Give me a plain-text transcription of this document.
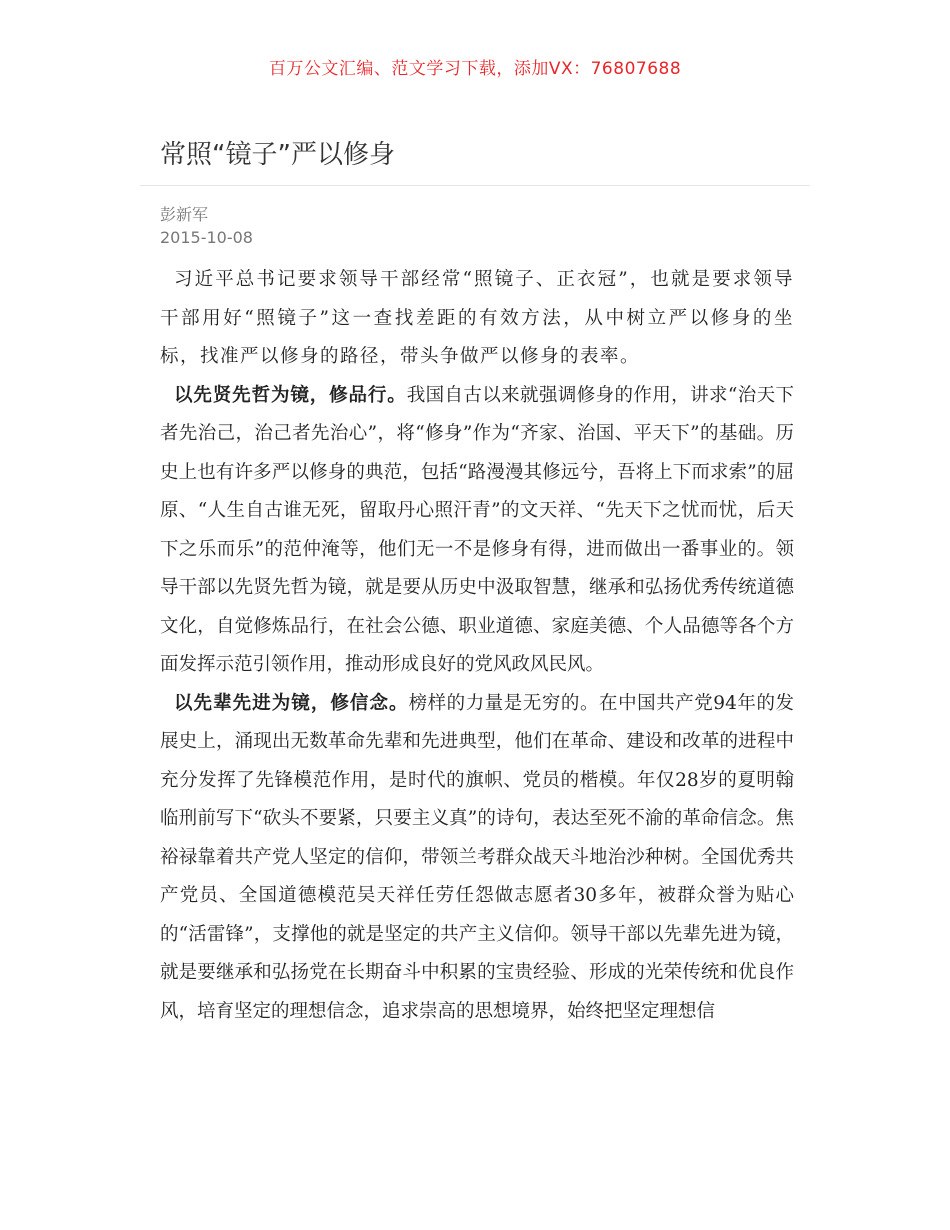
百万公文汇编、范文学习下载，添加VX：76807688
常照“镜子”严以修身
彭新军
2015-10-08

习近平总书记要求领导干部经常“照镜子、正衣冠”，也就是要求领导干部用好“照镜子”这一查找差距的有效方法，从中树立严以修身的坐标，找准严以修身的路径，带头争做严以修身的表率。

以先贤先哲为镜，修品行。我国自古以来就强调修身的作用，讲求“治天下者先治己，治己者先治心”，将“修身”作为“齐家、治国、平天下”的基础。历史上也有许多严以修身的典范，包括“路漫漫其修远兮，吾将上下而求索”的屈原、“人生自古谁无死，留取丹心照汗青”的文天祥、“先天下之忧而忧，后天下之乐而乐”的范仲淹等，他们无一不是修身有得，进而做出一番事业的。领导干部以先贤先哲为镜，就是要从历史中汲取智慧，继承和弘扬优秀传统道德文化，自觉修炼品行，在社会公德、职业道德、家庭美德、个人品德等各个方面发挥示范引领作用，推动形成良好的党风政风民风。

以先辈先进为镜，修信念。榜样的力量是无穷的。在中国共产党94年的发展史上，涌现出无数革命先辈和先进典型，他们在革命、建设和改革的进程中充分发挥了先锋模范作用，是时代的旗帜、党员的楷模。年仅28岁的夏明翰临刑前写下“砍头不要紧，只要主义真”的诗句，表达至死不渝的革命信念。焦裕禄靠着共产党人坚定的信仰，带领兰考群众战天斗地治沙种树。全国优秀共产党员、全国道德模范吴天祥任劳任怨做志愿者30多年，被群众誉为贴心的“活雷锋”，支撑他的就是坚定的共产主义信仰。领导干部以先辈先进为镜，就是要继承和弘扬党在长期奋斗中积累的宝贵经验、形成的光荣传统和优良作风，培育坚定的理想信念，追求崇高的思想境界，始终把坚定理想信
